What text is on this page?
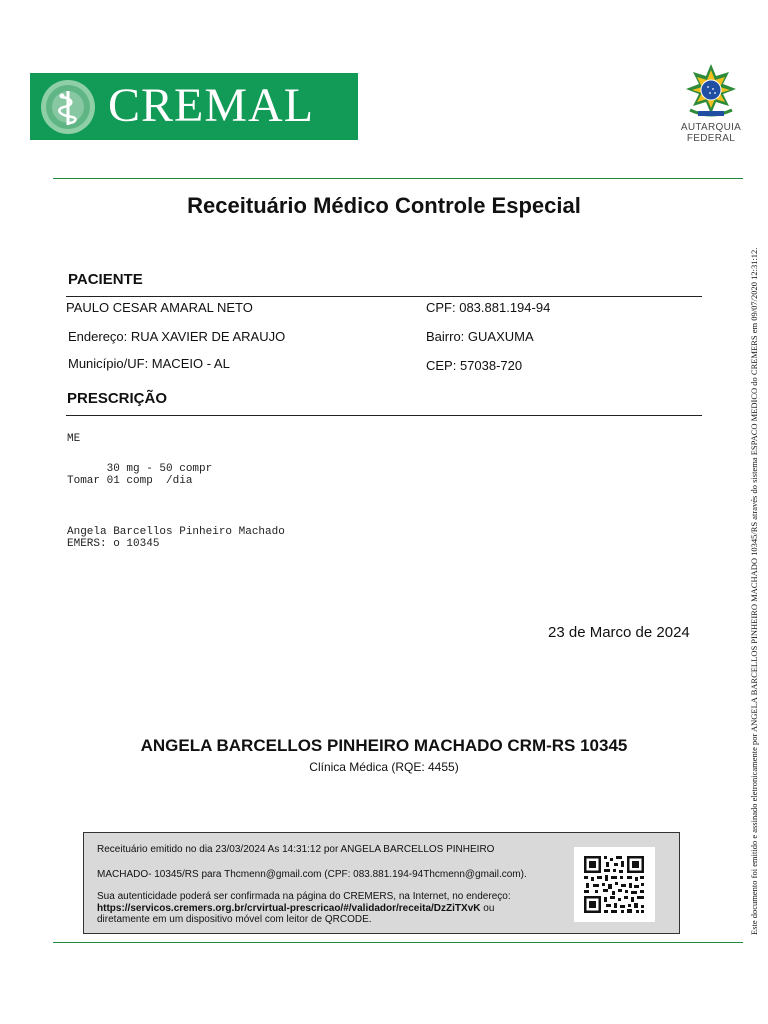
CREMAL	AUTARQUIA
FEDERAL
Receituário Médico Controle Especial
PACIENTE
PAULO CESAR AMARAL NETO	CPF: 083.881.194-94
Endereço: RUA XAVIER DE ARAUJO	Bairro: GUAXUMA
Município/UF: MACEIO - AL	CEP: 57038-720
PRESCRIÇÃO
ME
30 mg - 50 compr
Tomar 01 comp  /dia
Angela Barcellos Pinheiro Machado
EMERS: o 10345
23 de Marco de 2024
ANGELA BARCELLOS PINHEIRO MACHADO CRM-RS 10345
Clínica Médica (RQE: 4455)
Receituário emitido no dia 23/03/2024 As 14:31:12 por ANGELA BARCELLOS PINHEIRO
MACHADO- 10345/RS para Thcmenn@gmail.com (CPF: 083.881.194-94Thcmenn@gmail.com).
Sua autenticidade poderá ser confirmada na página do CREMERS, na Internet, no endereço:
https://servicos.cremers.org.br/crvirtual-prescricao/#/validador/receita/DzZiTXvK ou
diretamente em um dispositivo móvel com leitor de QRCODE.	Este documento foi emitido e assinado eletronicamente por ANGELA BARCELLOS PINHEIRO MACHADO 10345/RS através do sistema ESPACO MEDICO do CREMERS em 09/07/2020 12:31:12.
